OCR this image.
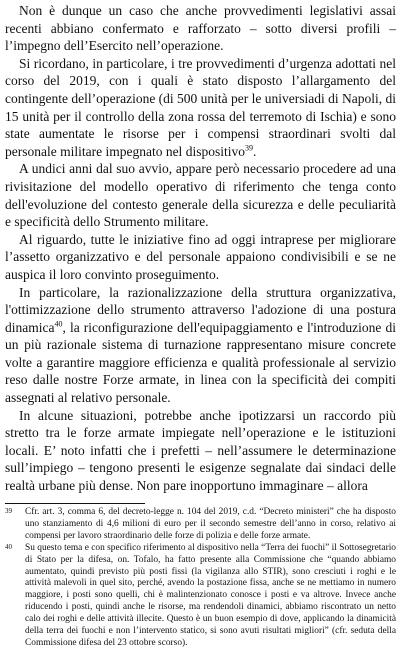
Non è dunque un caso che anche provvedimenti legislativi assai recenti abbiano confermato e rafforzato – sotto diversi profili – l’impegno dell’Esercito nell’operazione.

Si ricordano, in particolare, i tre provvedimenti d’urgenza adottati nel corso del 2019, con i quali è stato disposto l’allargamento del contingente dell’operazione (di 500 unità per le universiadi di Napoli, di 15 unità per il controllo della zona rossa del terremoto di Ischia) e sono state aumentate le risorse per i compensi straordinari svolti dal personale militare impegnato nel dispositivo$^{39}$.

A undici anni dal suo avvio, appare però necessario procedere ad una rivisitazione del modello operativo di riferimento che tenga conto dell'evoluzione del contesto generale della sicurezza e delle peculiarità e specificità dello Strumento militare.

Al riguardo, tutte le iniziative fino ad oggi intraprese per migliorare l’assetto organizzativo e del personale appaiono condivisibili e se ne auspica il loro convinto proseguimento.

In particolare, la razionalizzazione della struttura organizzativa, l'ottimizzazione dello strumento attraverso l'adozione di una postura dinamica$^{40}$, la riconfigurazione dell'equipaggiamento e l'introduzione di un più razionale sistema di turnazione rappresentano misure concrete volte a garantire maggiore efficienza e qualità professionale al servizio reso dalle nostre Forze armate, in linea con la specificità dei compiti assegnati al relativo personale.

In alcune situazioni, potrebbe anche ipotizzarsi un raccordo più stretto tra le forze armate impiegate nell’operazione e le istituzioni locali. E’ noto infatti che i prefetti – nell’assumere le determinazione sull’impiego – tengono presenti le esigenze segnalate dai sindaci delle realtà urbane più dense. Non pare inopportuno immaginare – allora

39 Cfr. art. 3, comma 6, del decreto-legge n. 104 del 2019, c.d. “Decreto ministeri” che ha disposto uno stanziamento di 4,6 milioni di euro per il secondo semestre dell’anno in corso, relativo ai compensi per lavoro straordinario delle forze di polizia e delle forze armate.

40 Su questo tema e con specifico riferimento al dispositivo nella “Terra dei fuochi” il Sottosegretario di Stato per la difesa, on. Tofalo, ha fatto presente alla Commissione che “quando abbiamo aumentato, quindi previsto più posti fissi (la vigilanza allo STIR), sono cresciuti i roghi e le attività malevoli in quel sito, perché, avendo la postazione fissa, anche se ne mettiamo in numero maggiore, i posti sono quelli, chi è malintenzionato conosce i posti e va altrove. Invece anche riducendo i posti, quindi anche le risorse, ma rendendoli dinamici, abbiamo riscontrato un netto calo dei roghi e delle attività illecite. Questo è un buon esempio di dove, applicando la dinamicità della terra dei fuochi e non l’intervento statico, si sono avuti risultati migliori” (cfr. seduta della Commissione difesa del 23 ottobre scorso).
